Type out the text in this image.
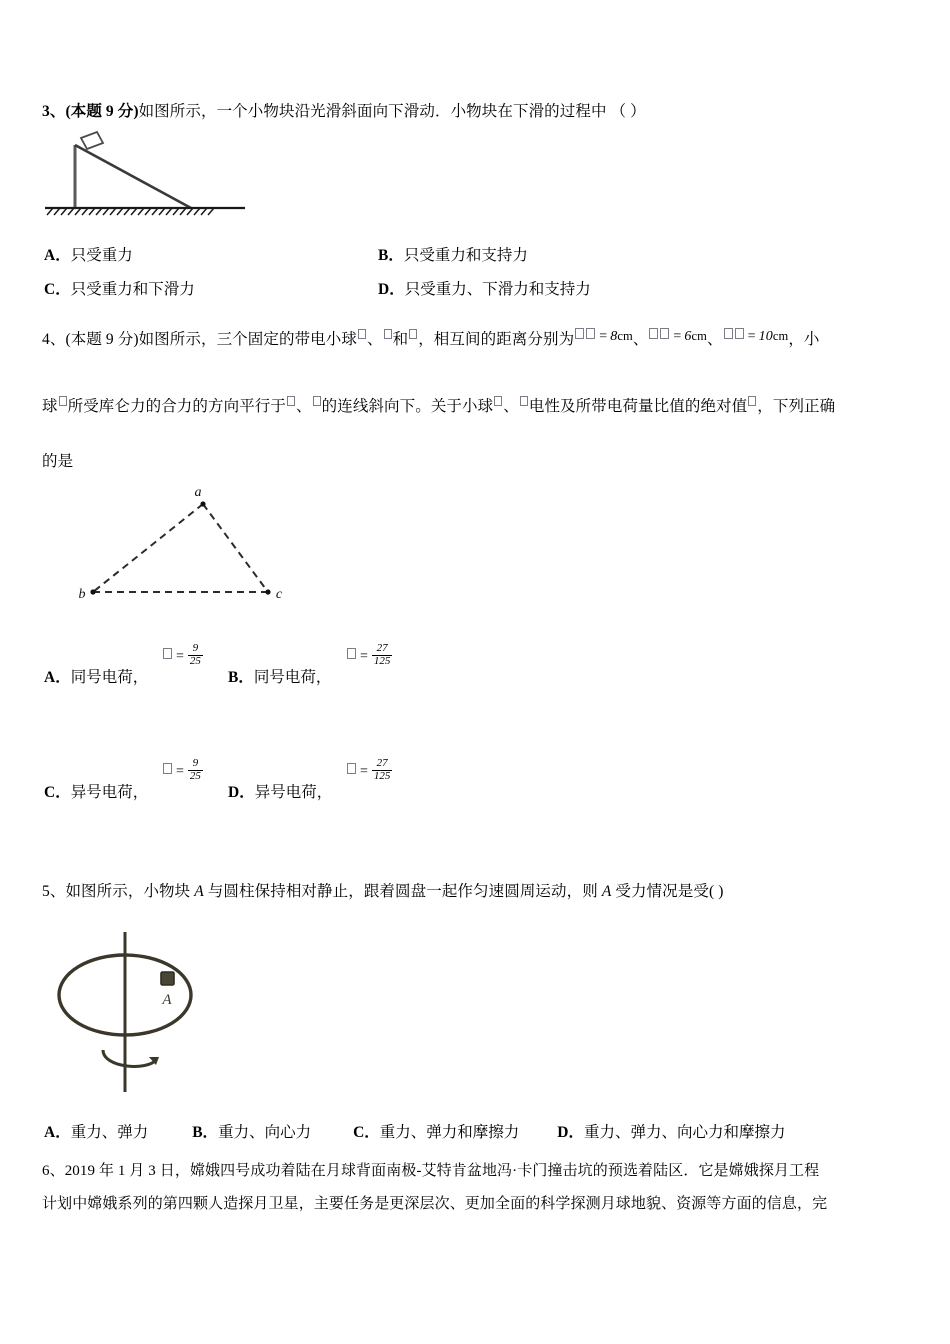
3、(本题 9 分)如图所示，一个小物块沿光滑斜面向下滑动．小物块在下滑的过程中 （ ）
A．只受重力	B．只受重力和支持力
C．只受重力和下滑力	D．只受重力、下滑力和支持力
4、(本题 9 分)如图所示，三个固定的带电小球 、 和 ，相互间的距离分别为 = 8cm、 = 6cm、 = 10cm，小
球 所受库仑力的合力的方向平行于 、 的连线斜向下。关于小球 、 电性及所带电荷量比值的绝对值 ，下列正确
的是
a
b	c
A．同号电荷，
= $\frac{9}{25}$
B．同号电荷，
= $\frac{27}{125}$
C．异号电荷，
= $\frac{9}{25}$
D．异号电荷，
= $\frac{27}{125}$
5、如图所示，小物块 A 与圆柱保持相对静止，跟着圆盘一起作匀速圆周运动，则 A 受力情况是受( )
A
A．重力、弹力	B．重力、向心力	C．重力、弹力和摩擦力 D．重力、弹力、向心力和摩擦力
6、2019 年 1 月 3 日，嫦娥四号成功着陆在月球背面南极-艾特肯盆地冯·卡门撞击坑的预选着陆区．它是嫦娥探月工程
计划中嫦娥系列的第四颗人造探月卫星，主要任务是更深层次、更加全面的科学探测月球地貌、资源等方面的信息，完
